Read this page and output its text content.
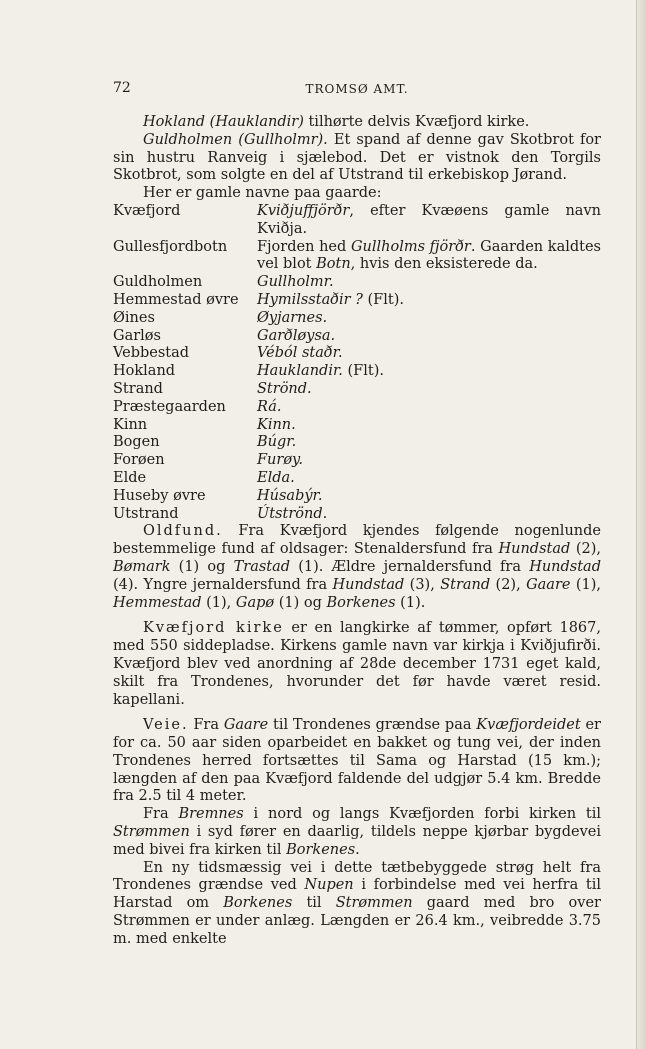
72	TROMSØ AMT.

Hokland (Hauklandir) tilhørte delvis Kvæfjord kirke.

Guldholmen (Gullholmr). Et spand af denne gav Skotbrot for sin hustru Ranveig i sjælebod. Det er vistnok den Torgils Skotbrot, som solgte en del af Utstrand til erkebiskop Jørand.

Her er gamle navne paa gaarde:

Kvæfjord	Kviðjuffjörðr, efter Kvæøens gamle navn Kviðja.
Gullesfjordbotn	Fjorden hed Gullholms fjörðr. Gaarden kaldtes vel blot Botn, hvis den eksisterede da.
Guldholmen	Gullholmr.
Hemmestad øvre	Hymilsstaðir ? (Flt).
Øines	Øyjarnes.
Garløs	Garðløysa.
Vebbestad	Véból staðr.
Hokland	Hauklandir. (Flt).
Strand	Strönd.
Præstegaarden	Rá.
Kinn	Kinn.
Bogen	Búgr.
Forøen	Furøy.
Elde	Elda.
Huseby øvre	Húsabýr.
Utstrand	Útströnd.

Oldfund. Fra Kvæfjord kjendes følgende nogenlunde bestemmelige fund af oldsager: Stenaldersfund fra Hundstad (2), Bømark (1) og Trastad (1). Ældre jernaldersfund fra Hundstad (4). Yngre jernaldersfund fra Hundstad (3), Strand (2), Gaare (1), Hemmestad (1), Gapø (1) og Borkenes (1).

Kvæfjord kirke er en langkirke af tømmer, opført 1867, med 550 siddepladse. Kirkens gamle navn var kirkja i Kviðjufirði. Kvæfjord blev ved anordning af 28de december 1731 eget kald, skilt fra Trondenes, hvorunder det før havde været resid. kapellani.

Veie. Fra Gaare til Trondenes grændse paa Kvæfjordeidet er for ca. 50 aar siden oparbeidet en bakket og tung vei, der inden Trondenes herred fortsættes til Sama og Harstad (15 km.); længden af den paa Kvæfjord faldende del udgjør 5.4 km. Bredde fra 2.5 til 4 meter.

Fra Bremnes i nord og langs Kvæfjorden forbi kirken til Strømmen i syd fører en daarlig, tildels neppe kjørbar bygdevei med bivei fra kirken til Borkenes.

En ny tidsmæssig vei i dette tætbebyggede strøg helt fra Trondenes grændse ved Nupen i forbindelse med vei herfra til Harstad om Borkenes til Strømmen gaard med bro over Strømmen er under anlæg. Længden er 26.4 km., veibredde 3.75 m. med enkelte
